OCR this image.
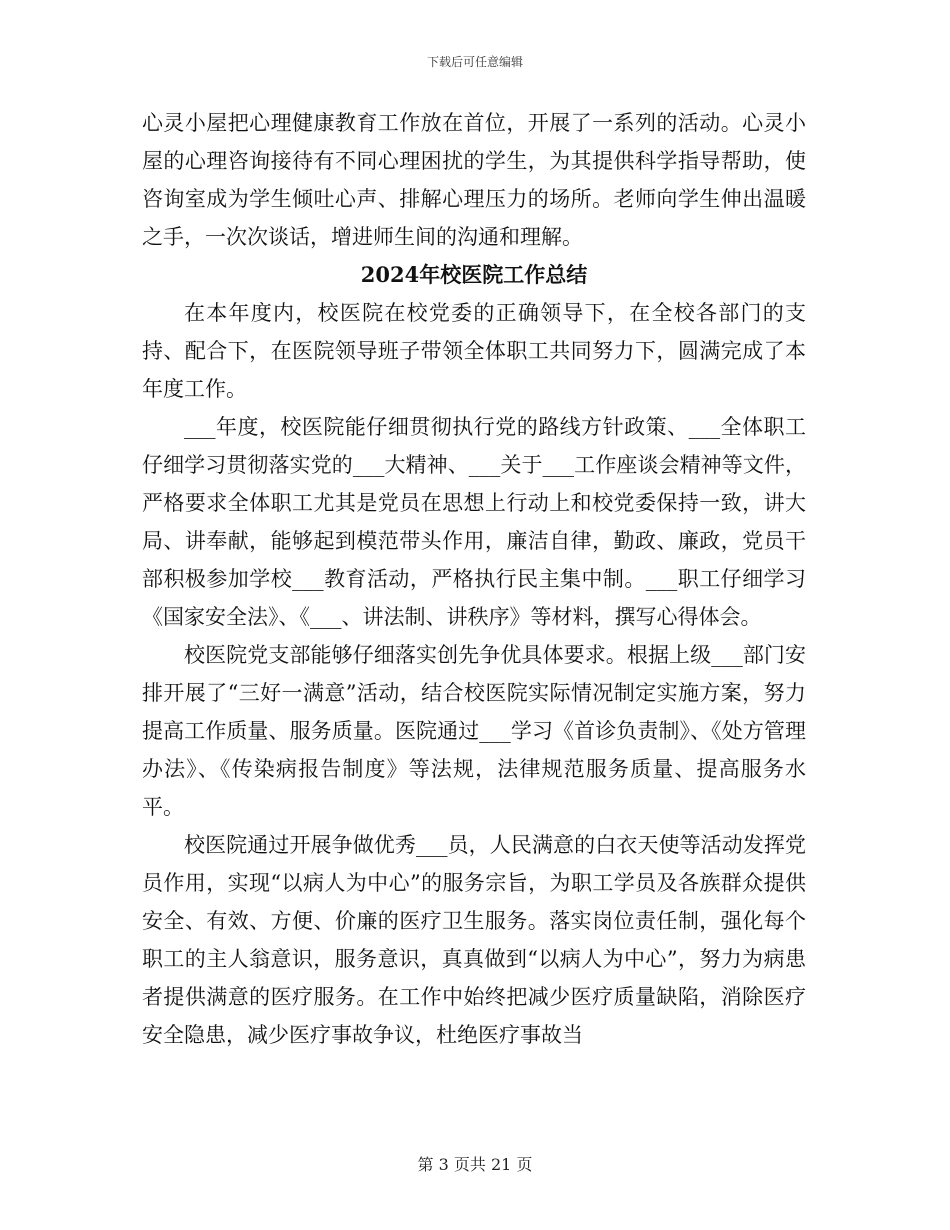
下载后可任意编辑

心灵小屋把心理健康教育工作放在首位，开展了一系列的活动。心灵小屋的心理咨询接待有不同心理困扰的学生，为其提供科学指导帮助，使咨询室成为学生倾吐心声、排解心理压力的场所。老师向学生伸出温暖之手，一次次谈话，增进师生间的沟通和理解。

2024年校医院工作总结

在本年度内，校医院在校党委的正确领导下，在全校各部门的支持、配合下，在医院领导班子带领全体职工共同努力下，圆满完成了本年度工作。

___年度，校医院能仔细贯彻执行党的路线方针政策、___全体职工仔细学习贯彻落实党的___大精神、___关于___工作座谈会精神等文件，严格要求全体职工尤其是党员在思想上行动上和校党委保持一致，讲大局、讲奉献，能够起到模范带头作用，廉洁自律，勤政、廉政，党员干部积极参加学校___教育活动，严格执行民主集中制。___职工仔细学习《国家安全法》、《___、讲法制、讲秩序》等材料，撰写心得体会。

校医院党支部能够仔细落实创先争优具体要求。根据上级___部门安排开展了“三好一满意”活动，结合校医院实际情况制定实施方案，努力提高工作质量、服务质量。医院通过___学习《首诊负责制》、《处方管理办法》、《传染病报告制度》等法规，法律规范服务质量、提高服务水平。

校医院通过开展争做优秀___员，人民满意的白衣天使等活动发挥党员作用，实现“以病人为中心”的服务宗旨，为职工学员及各族群众提供安全、有效、方便、价廉的医疗卫生服务。落实岗位责任制，强化每个职工的主人翁意识，服务意识，真真做到“以病人为中心”，努力为病患者提供满意的医疗服务。在工作中始终把减少医疗质量缺陷，消除医疗安全隐患，减少医疗事故争议，杜绝医疗事故当

第 3 页共 21 页
